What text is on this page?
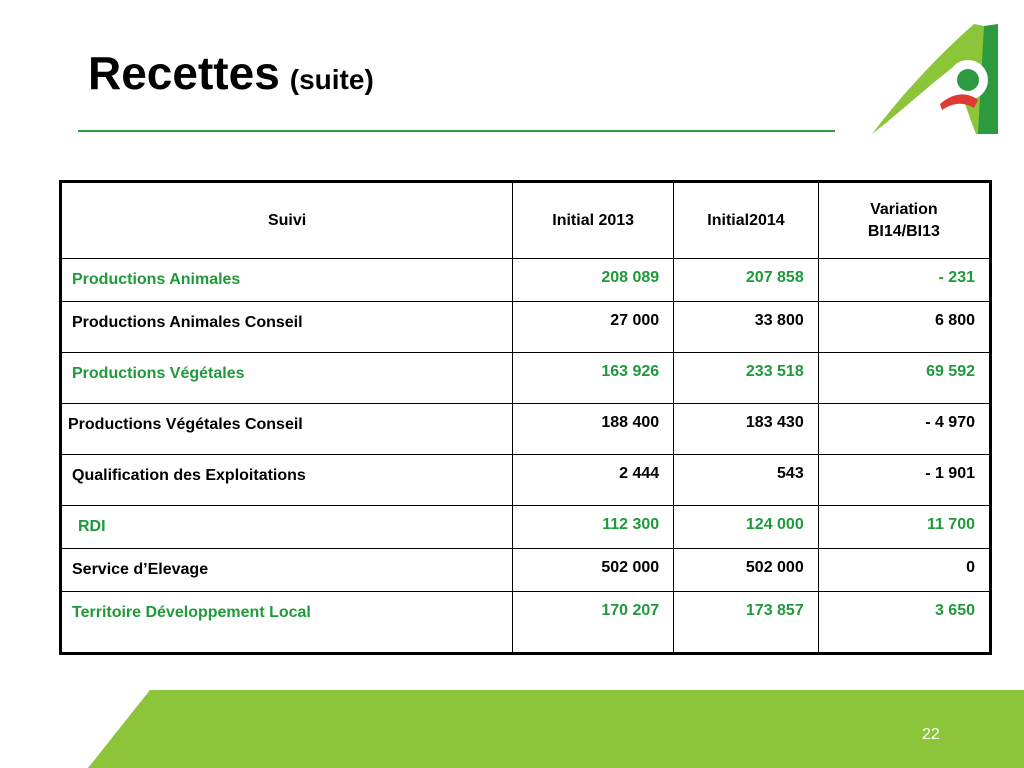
Recettes (suite)
Suivi	Initial 2013	Initial2014	Variation
BI14/BI13

Productions Animales	208 089	207 858	- 231
Productions Animales Conseil	27 000	33 800	6 800
Productions Végétales	163 926	233 518	69 592
Productions Végétales Conseil	188 400	183 430	- 4 970
Qualification des Exploitations	2 444	543	- 1 901
RDI	112 300	124 000	11 700
Service d’Elevage	502 000	502 000	0
Territoire Développement Local	170 207	173 857	3 650
22
